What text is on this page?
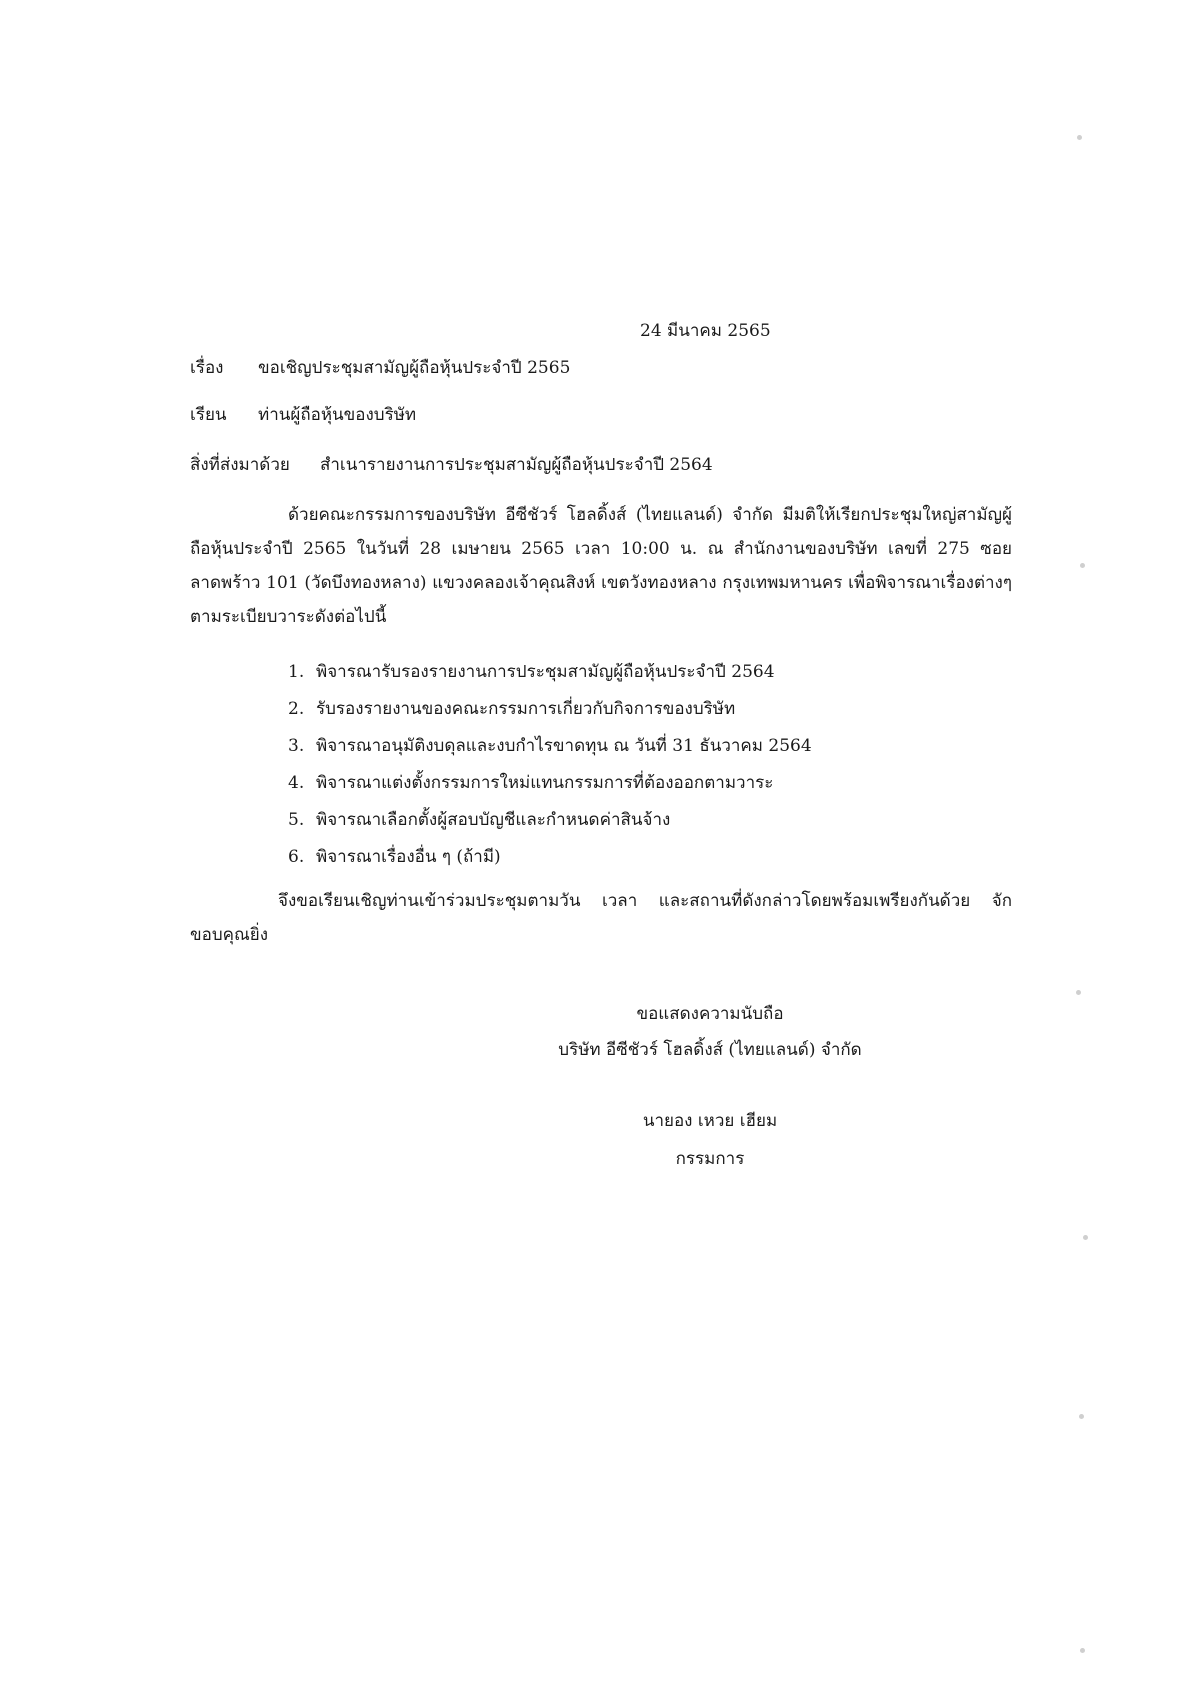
24 มีนาคม 2565
เรื่อง ขอเชิญประชุมสามัญผู้ถือหุ้นประจำปี 2565
เรียน ท่านผู้ถือหุ้นของบริษัท
สิ่งที่ส่งมาด้วย สำเนารายงานการประชุมสามัญผู้ถือหุ้นประจำปี 2564
ด้วยคณะกรรมการของบริษัท อีซีชัวร์ โฮลดิ้งส์ (ไทยแลนด์) จำกัด มีมติให้เรียกประชุมใหญ่สามัญผู้ถือหุ้นประจำปี 2565 ในวันที่ 28 เมษายน 2565 เวลา 10:00 น. ณ สำนักงานของบริษัท เลขที่ 275 ซอยลาดพร้าว 101 (วัดบึงทองหลาง) แขวงคลองเจ้าคุณสิงห์ เขตวังทองหลาง กรุงเทพมหานคร เพื่อพิจารณาเรื่องต่างๆ ตามระเบียบวาระดังต่อไปนี้
1. พิจารณารับรองรายงานการประชุมสามัญผู้ถือหุ้นประจำปี 2564
2. รับรองรายงานของคณะกรรมการเกี่ยวกับกิจการของบริษัท
3. พิจารณาอนุมัติงบดุลและงบกำไรขาดทุน ณ วันที่ 31 ธันวาคม 2564
4. พิจารณาแต่งตั้งกรรมการใหม่แทนกรรมการที่ต้องออกตามวาระ
5. พิจารณาเลือกตั้งผู้สอบบัญชีและกำหนดค่าสินจ้าง
6. พิจารณาเรื่องอื่น ๆ (ถ้ามี)
จึงขอเรียนเชิญท่านเข้าร่วมประชุมตามวัน เวลา และสถานที่ดังกล่าวโดยพร้อมเพรียงกันด้วย จักขอบคุณยิ่ง
ขอแสดงความนับถือ
บริษัท อีซีชัวร์ โฮลดิ้งส์ (ไทยแลนด์) จำกัด
นายอง เหวย เฮียม
กรรมการ
